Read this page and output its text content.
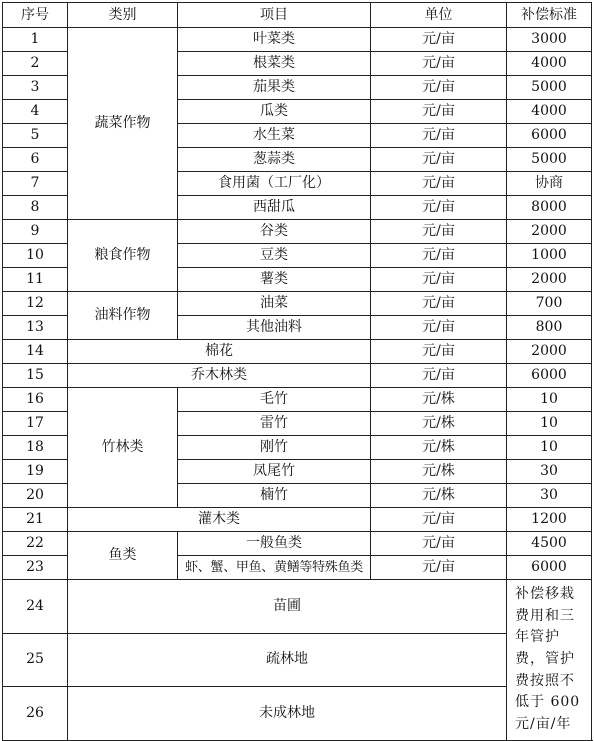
序号	类别	项目	单位	补偿标准
1	蔬菜作物	叶菜类	元/亩	3000
2		根菜类	元/亩	4000
3		茄果类	元/亩	5000
4		瓜类	元/亩	4000
5		水生菜	元/亩	6000
6		葱蒜类	元/亩	5000
7		食用菌（工厂化）	元/亩	协商
8		西甜瓜	元/亩	8000
9	粮食作物	谷类	元/亩	2000
10		豆类	元/亩	1000
11		薯类	元/亩	2000
12	油料作物	油菜	元/亩	700
13		其他油料	元/亩	800
14	棉花		元/亩	2000
15	乔木林类		元/亩	6000
16	竹林类	毛竹	元/株	10
17		雷竹	元/株	10
18		刚竹	元/株	10
19		凤尾竹	元/株	30
20		楠竹	元/株	30
21	灌木类		元/亩	1200
22	鱼类	一般鱼类	元/亩	4500
23		虾、蟹、甲鱼、黄鳝等特殊鱼类	元/亩	6000
24	苗圃			补偿移栽费用和三年管护费，管护费按照不低于 600 元/亩/年
25	疏林地			
26	未成林地			
